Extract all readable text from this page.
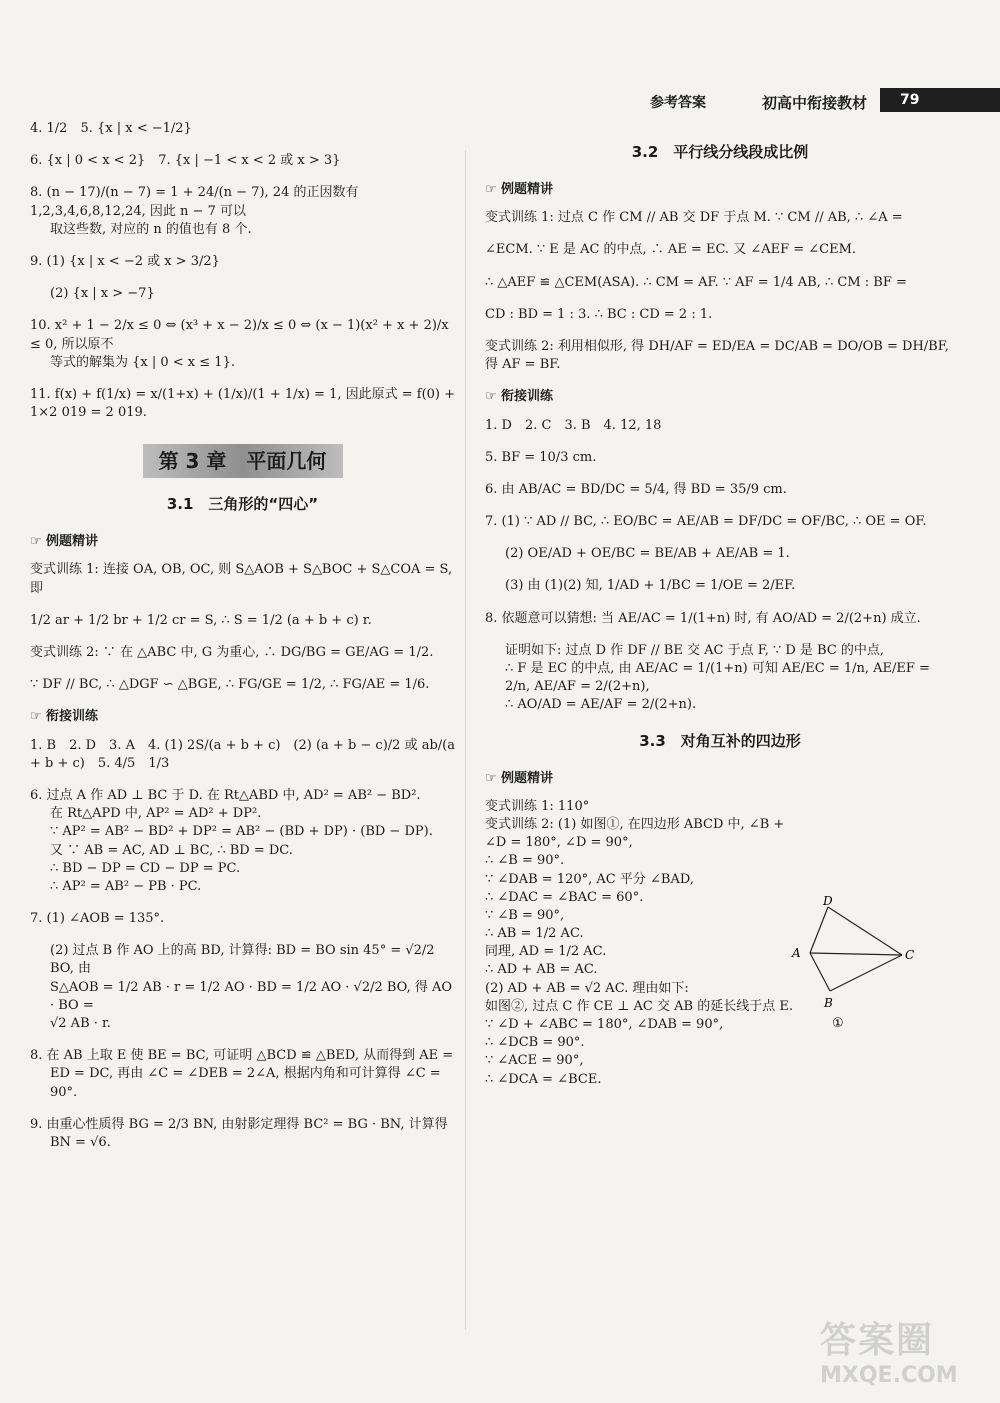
参考答案	初高中衔接教材 79
4. 1/2　5. {x | x < −1/2}
6. {x | 0 < x < 2}　7. {x | −1 < x < 2 或 x > 3}
8. (n − 17)/(n − 7) = 1 + 24/(n − 7), 24 的正因数有 1,2,3,4,6,8,12,24, 因此 n − 7 可以
取这些数, 对应的 n 的值也有 8 个.
9. (1) {x | x < −2 或 x > 3/2}
(2) {x | x > −7}
10. x² + 1 − 2/x ≤ 0 ⇔ (x³ + x − 2)/x ≤ 0 ⇔ (x − 1)(x² + x + 2)/x ≤ 0, 所以原不
等式的解集为 {x | 0 < x ≤ 1}.
11. f(x) + f(1/x) = x/(1+x) + (1/x)/(1 + 1/x) = 1, 因此原式 = f(0) + 1×2 019 = 2 019.
第 3 章　平面几何
3.1　三角形的“四心”
☞ 例题精讲
变式训练 1: 连接 OA, OB, OC, 则 S△AOB + S△BOC + S△COA = S, 即
1/2 ar + 1/2 br + 1/2 cr = S, ∴ S = 1/2 (a + b + c) r.
变式训练 2: ∵ 在 △ABC 中, G 为重心, ∴ DG/BG = GE/AG = 1/2.
∵ DF // BC, ∴ △DGF ∽ △BGE, ∴ FG/GE = 1/2, ∴ FG/AE = 1/6.
☞ 衔接训练
1. B　2. D　3. A　4. (1) 2S/(a + b + c)　(2) (a + b − c)/2 或 ab/(a + b + c)　5. 4/5　1/3
6. 过点 A 作 AD ⊥ BC 于 D. 在 Rt△ABD 中, AD² = AB² − BD².
在 Rt△APD 中, AP² = AD² + DP².
∵ AP² = AB² − BD² + DP² = AB² − (BD + DP) · (BD − DP).
又 ∵ AB = AC, AD ⊥ BC, ∴ BD = DC.
∴ BD − DP = CD − DP = PC.
∴ AP² = AB² − PB · PC.
7. (1) ∠AOB = 135°.
(2) 过点 B 作 AO 上的高 BD, 计算得: BD = BO sin 45° = √2/2 BO, 由
S△AOB = 1/2 AB · r = 1/2 AO · BD = 1/2 AO · √2/2 BO, 得 AO · BO =
√2 AB · r.
8. 在 AB 上取 E 使 BE = BC, 可证明 △BCD ≌ △BED, 从而得到 AE =
ED = DC, 再由 ∠C = ∠DEB = 2∠A, 根据内角和可计算得 ∠C = 90°.
9. 由重心性质得 BG = 2/3 BN, 由射影定理得 BC² = BG · BN, 计算得
BN = √6.
3.2　平行线分线段成比例
☞ 例题精讲
变式训练 1: 过点 C 作 CM // AB 交 DF 于点 M. ∵ CM // AB, ∴ ∠A =
∠ECM. ∵ E 是 AC 的中点, ∴ AE = EC. 又 ∠AEF = ∠CEM.
∴ △AEF ≌ △CEM(ASA). ∴ CM = AF. ∵ AF = 1/4 AB, ∴ CM : BF =
CD : BD = 1 : 3. ∴ BC : CD = 2 : 1.
变式训练 2: 利用相似形, 得 DH/AF = ED/EA = DC/AB = DO/OB = DH/BF, 得 AF = BF.
☞ 衔接训练
1. D　2. C　3. B　4. 12, 18
5. BF = 10/3 cm.
6. 由 AB/AC = BD/DC = 5/4, 得 BD = 35/9 cm.
7. (1) ∵ AD // BC, ∴ EO/BC = AE/AB = DF/DC = OF/BC, ∴ OE = OF.
(2) OE/AD + OE/BC = BE/AB + AE/AB = 1.
(3) 由 (1)(2) 知, 1/AD + 1/BC = 1/OE = 2/EF.
8. 依题意可以猜想: 当 AE/AC = 1/(1+n) 时, 有 AO/AD = 2/(2+n) 成立.
证明如下: 过点 D 作 DF // BE 交 AC 于点 F, ∵ D 是 BC 的中点,
∴ F 是 EC 的中点, 由 AE/AC = 1/(1+n) 可知 AE/EC = 1/n, AE/EF = 2/n, AE/AF = 2/(2+n),
∴ AO/AD = AE/AF = 2/(2+n).
3.3　对角互补的四边形
☞ 例题精讲
变式训练 1: 110°
变式训练 2: (1) 如图①, 在四边形 ABCD 中, ∠B +
∠D = 180°, ∠D = 90°,
∴ ∠B = 90°.
∵ ∠DAB = 120°, AC 平分 ∠BAD,
∴ ∠DAC = ∠BAC = 60°.
∵ ∠B = 90°,
∴ AB = 1/2 AC.
同理, AD = 1/2 AC.
∴ AD + AB = AC.
(2) AD + AB = √2 AC. 理由如下:
如图②, 过点 C 作 CE ⊥ AC 交 AB 的延长线于点 E.
∵ ∠D + ∠ABC = 180°, ∠DAB = 90°,
∴ ∠DCB = 90°.
∵ ∠ACE = 90°,
∴ ∠DCA = ∠BCE.
D
A	C
B
①
答案圈
MXQE.COM
